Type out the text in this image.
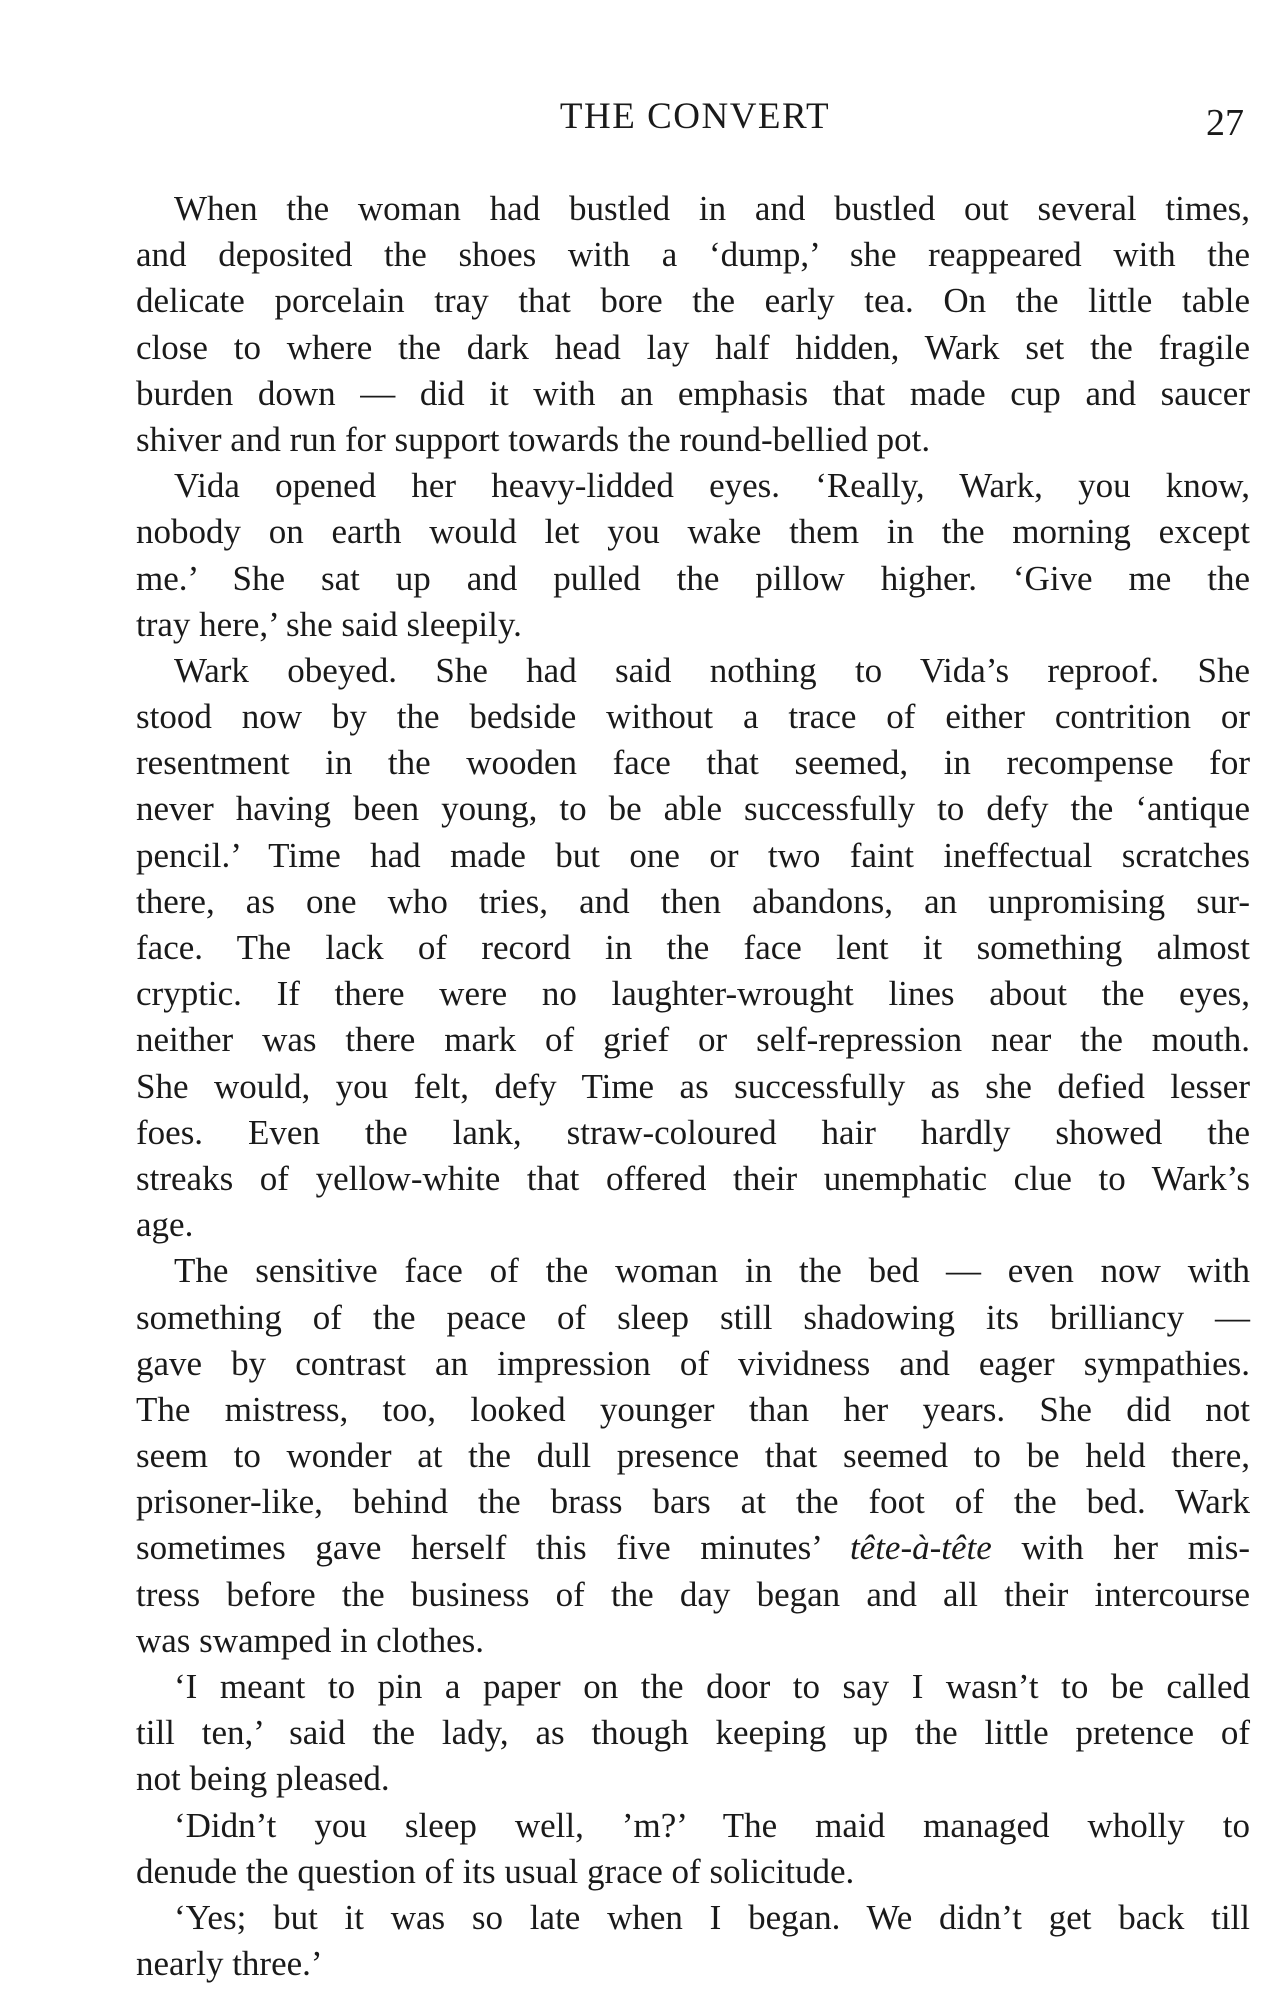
THE CONVERT	27

When the woman had bustled in and bustled out several times,
and deposited the shoes with a ‘dump,’ she reappeared with the
delicate porcelain tray that bore the early tea. On the little table
close to where the dark head lay half hidden, Wark set the fragile
burden down — did it with an emphasis that made cup and saucer
shiver and run for support towards the round-bellied pot.

Vida opened her heavy-lidded eyes. ‘Really, Wark, you know,
nobody on earth would let you wake them in the morning except
me.’ She sat up and pulled the pillow higher. ‘Give me the
tray here,’ she said sleepily.

Wark obeyed. She had said nothing to Vida’s reproof. She
stood now by the bedside without a trace of either contrition or
resentment in the wooden face that seemed, in recompense for
never having been young, to be able successfully to defy the ‘antique
pencil.’ Time had made but one or two faint ineffectual scratches
there, as one who tries, and then abandons, an unpromising sur-
face. The lack of record in the face lent it something almost
cryptic. If there were no laughter-wrought lines about the eyes,
neither was there mark of grief or self-repression near the mouth.
She would, you felt, defy Time as successfully as she defied lesser
foes. Even the lank, straw-coloured hair hardly showed the
streaks of yellow-white that offered their unemphatic clue to Wark’s
age.

The sensitive face of the woman in the bed — even now with
something of the peace of sleep still shadowing its brilliancy —
gave by contrast an impression of vividness and eager sympathies.
The mistress, too, looked younger than her years. She did not
seem to wonder at the dull presence that seemed to be held there,
prisoner-like, behind the brass bars at the foot of the bed. Wark
sometimes gave herself this five minutes’ tête-à-tête with her mis-
tress before the business of the day began and all their intercourse
was swamped in clothes.

‘I meant to pin a paper on the door to say I wasn’t to be called
till ten,’ said the lady, as though keeping up the little pretence of
not being pleased.

‘Didn’t you sleep well, ’m?’ The maid managed wholly to
denude the question of its usual grace of solicitude.

‘Yes; but it was so late when I began. We didn’t get back till
nearly three.’
